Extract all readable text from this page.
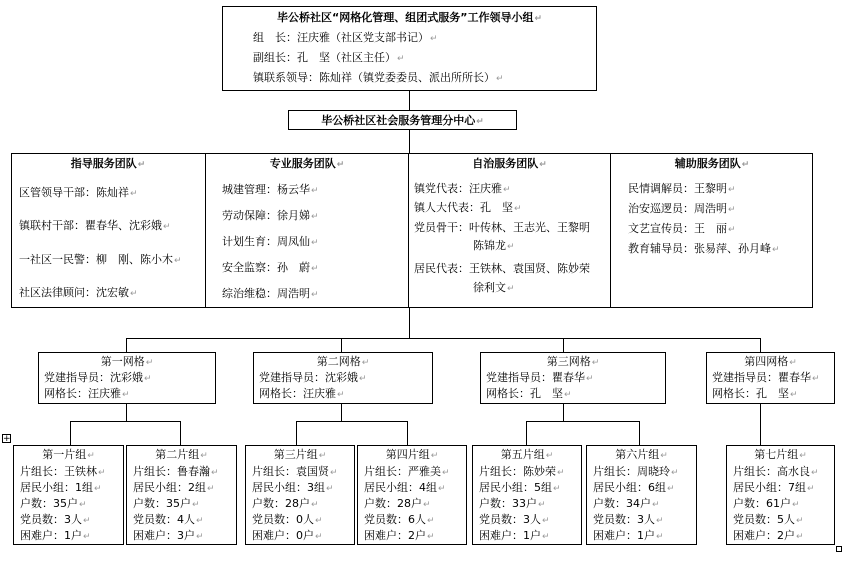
毕公桥社区“网格化管理、组团式服务”工作领导小组↵
组　长：汪庆雅（社区党支部书记）↵
副组长：孔　坚（社区主任）↵
镇联系领导：陈灿祥（镇党委委员、派出所所长）↵
毕公桥社区社会服务管理分中心↵
指导服务团队↵
区管领导干部：陈灿祥↵
镇联村干部：瞿春华、沈彩娥↵
一社区一民警：柳　刚、陈小木↵
社区法律顾问：沈宏敏↵
专业服务团队↵
城建管理：杨云华↵
劳动保障：徐月娣↵
计划生育：周凤仙↵
安全监察：孙　蔚↵
综治维稳：周浩明↵
自治服务团队↵
镇党代表：汪庆雅↵
镇人大代表：孔　坚↵
党员骨干：叶传林、王志光、王黎明
陈锦龙↵
居民代表：王铁林、袁国贤、陈妙荣
徐利文↵
辅助服务团队↵
民情调解员：王黎明↵
治安巡逻员：周浩明↵
文艺宣传员：王　丽↵
教育辅导员：张易萍、孙月峰↵
第一网格↵
党建指导员：沈彩娥↵
网格长：汪庆雅↵
第二网格↵
党建指导员：沈彩娥↵
网格长：汪庆雅↵
第三网格↵
党建指导员：瞿春华↵
网格长：孔　坚↵
第四网格↵
党建指导员：瞿春华↵
网格长：孔　坚↵
第一片组↵
片组长：王铁林↵
居民小组：1组↵
户数：35户↵
党员数：3人↵
困难户：1户↵
第二片组↵
片组长：鲁春瀚↵
居民小组：2组↵
户数：35户↵
党员数：4人↵
困难户：3户↵
第三片组↵
片组长：袁国贤↵
居民小组：3组↵
户数：28户↵
党员数：0人↵
困难户：0户↵
第四片组↵
片组长：严雅美↵
居民小组：4组↵
户数：28户↵
党员数：6人↵
困难户：2户↵
第五片组↵
片组长：陈妙荣↵
居民小组：5组↵
户数：33户↵
党员数：3人↵
困难户：1户↵
第六片组↵
片组长：周晓玲↵
居民小组：6组↵
户数：34户↵
党员数：3人↵
困难户：1户↵
第七片组↵
片组长：高水良↵
居民小组：7组↵
户数：61户↵
党员数：5人↵
困难户：2户↵
+
